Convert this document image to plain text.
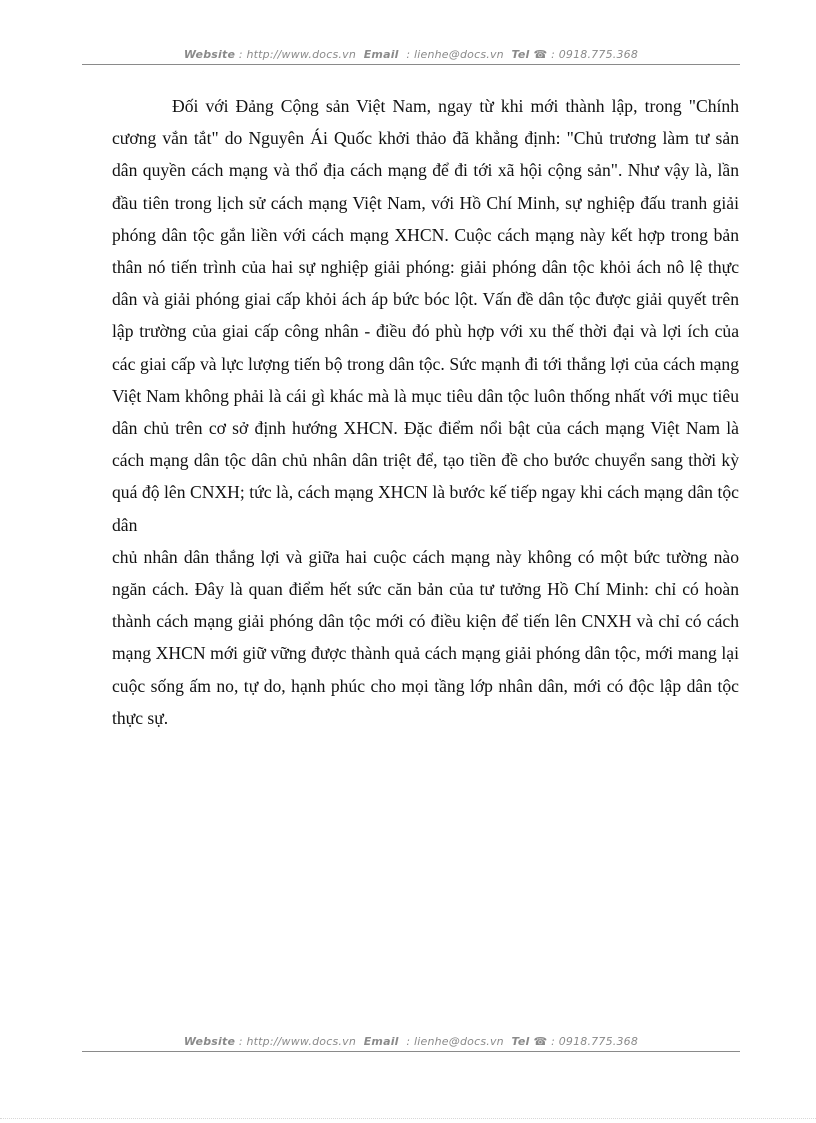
Website : http://www.docs.vn Email : lienhe@docs.vn Tel ☎ : 0918.775.368

Đối với Đảng Cộng sản Việt Nam, ngay từ khi mới thành lập, trong "Chính cương vắn tắt" do Nguyên Ái Quốc khởi thảo đã khẳng định: "Chủ trương làm tư sản dân quyền cách mạng và thổ địa cách mạng để đi tới xã hội cộng sản". Như vậy là, lần đầu tiên trong lịch sử cách mạng Việt Nam, với Hồ Chí Minh, sự nghiệp đấu tranh giải phóng dân tộc gắn liền với cách mạng XHCN. Cuộc cách mạng này kết hợp trong bản thân nó tiến trình của hai sự nghiệp giải phóng: giải phóng dân tộc khỏi ách nô lệ thực dân và giải phóng giai cấp khỏi ách áp bức bóc lột. Vấn đề dân tộc được giải quyết trên lập trường của giai cấp công nhân - điều đó phù hợp với xu thế thời đại và lợi ích của các giai cấp và lực lượng tiến bộ trong dân tộc. Sức mạnh đi tới thắng lợi của cách mạng Việt Nam không phải là cái gì khác mà là mục tiêu dân tộc luôn thống nhất với mục tiêu dân chủ trên cơ sở định hướng XHCN. Đặc điểm nổi bật của cách mạng Việt Nam là cách mạng dân tộc dân chủ nhân dân triệt để, tạo tiền đề cho bước chuyển sang thời kỳ quá độ lên CNXH; tức là, cách mạng XHCN là bước kế tiếp ngay khi cách mạng dân tộc dân

chủ nhân dân thắng lợi và giữa hai cuộc cách mạng này không có một bức tường nào ngăn cách. Đây là quan điểm hết sức căn bản của tư tưởng Hồ Chí Minh: chỉ có hoàn thành cách mạng giải phóng dân tộc mới có điều kiện để tiến lên CNXH và chỉ có cách mạng XHCN mới giữ vững được thành quả cách mạng giải phóng dân tộc, mới mang lại cuộc sống ấm no, tự do, hạnh phúc cho mọi tầng lớp nhân dân, mới có độc lập dân tộc thực sự.

Website : http://www.docs.vn Email : lienhe@docs.vn Tel ☎ : 0918.775.368
